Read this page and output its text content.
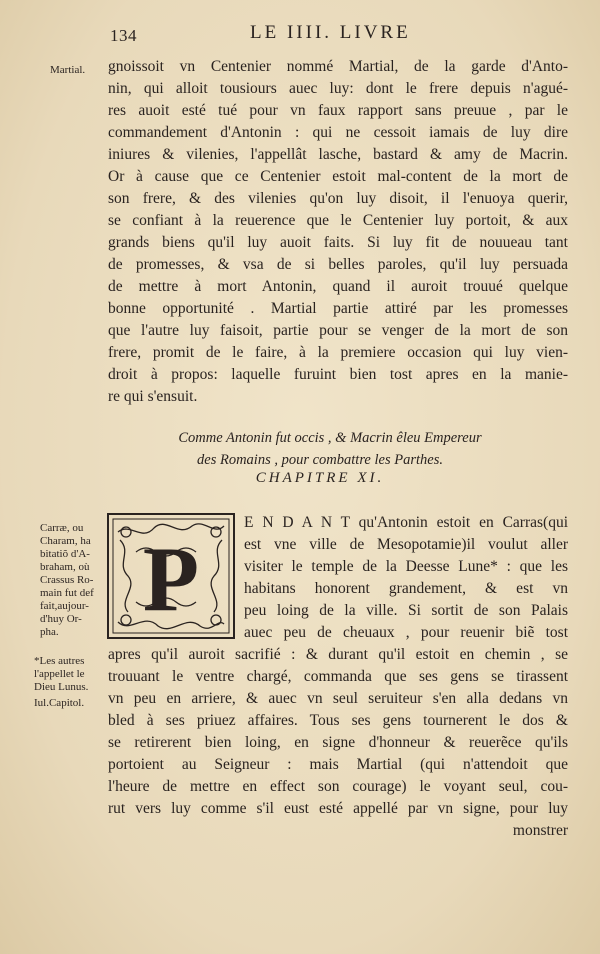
134	LE IIII. LIVRE
Martial.
Carræ, ou
Charam, ha
bitatiõ d'A-
braham, où
Crassus Ro-
main fut def
fait,aujour-
d'huy Or-
pha.
*Les autres
l'appellet le
Dieu Lunus.
Iul.Capitol.
gnoissoit vn Centenier nommé Martial, de la garde d'Anto-
nin, qui alloit tousiours auec luy: dont le frere depuis n'agué-
res auoit esté tué pour vn faux rapport sans preuue , par le
commandement d'Antonin : qui ne cessoit iamais de luy dire
iniures & vilenies, l'appellât lasche, bastard & amy de Macrin.
Or à cause que ce Centenier estoit mal-content de la mort de
son frere, & des vilenies qu'on luy disoit, il l'enuoya querir,
se confiant à la reuerence que le Centenier luy portoit, & aux
grands biens qu'il luy auoit faits. Si luy fit de nouueau tant
de promesses, & vsa de si belles paroles, qu'il luy persuada
de mettre à mort Antonin, quand il auroit trouué quelque
bonne opportunité . Martial partie attiré par les promesses
que l'autre luy faisoit, partie pour se venger de la mort de son
frere, promit de le faire, à la premiere occasion qui luy vien-
droit à propos: laquelle furuint bien tost apres en la manie-
re qui s'ensuit.
Comme Antonin fut occis , & Macrin êleu Empereur
des Romains , pour combattre les Parthes.
CHAPITRE XI.
P
E N D A N T qu'Antonin estoit en Carras(qui
est vne ville de Mesopotamie)il voulut aller
visiter le temple de la Deesse Lune* : que les
habitans honorent grandement, & est vn
peu loing de la ville. Si sortit de son Palais
auec peu de cheuaux , pour reuenir biẽ tost
apres qu'il auroit sacrifié : & durant qu'il estoit en chemin , se
trouuant le ventre chargé, commanda que ses gens se tirassent
vn peu en arriere, & auec vn seul seruiteur s'en alla dedans vn
bled à ses priuez affaires. Tous ses gens tournerent le dos &
se retirerent bien loing, en signe d'honneur & reuerẽce qu'ils
portoient au Seigneur : mais Martial (qui n'attendoit que
l'heure de mettre en effect son courage) le voyant seul, cou-
rut vers luy comme s'il eust esté appellé par vn signe, pour luy
monstrer
